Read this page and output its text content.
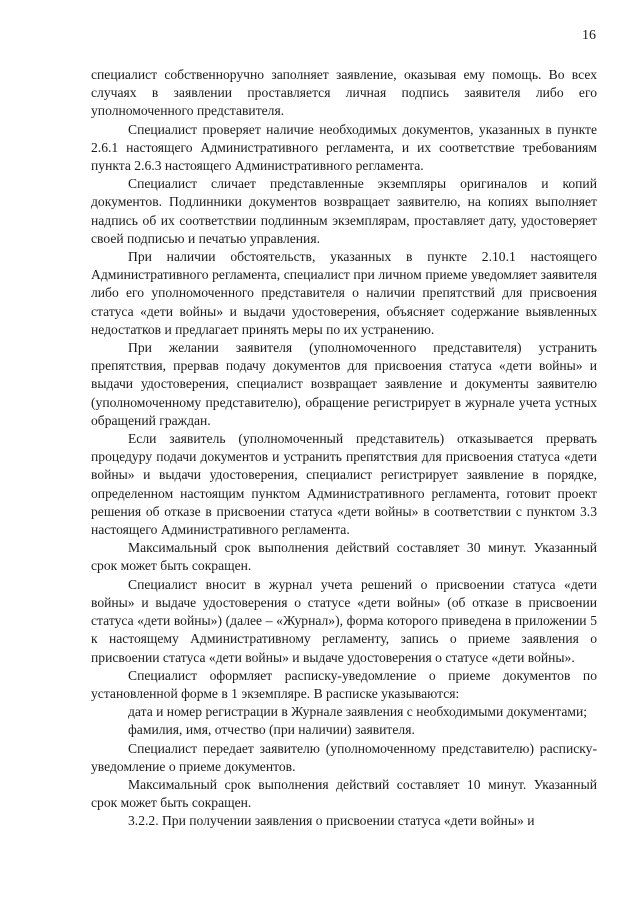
16

специалист собственноручно заполняет заявление, оказывая ему помощь. Во всех случаях в заявлении проставляется личная подпись заявителя либо его уполномоченного представителя.

Специалист проверяет наличие необходимых документов, указанных в пункте 2.6.1 настоящего Административного регламента, и их соответствие требованиям пункта 2.6.3 настоящего Административного регламента.

Специалист сличает представленные экземпляры оригиналов и копий документов. Подлинники документов возвращает заявителю, на копиях выполняет надпись об их соответствии подлинным экземплярам, проставляет дату, удостоверяет своей подписью и печатью управления.

При наличии обстоятельств, указанных в пункте 2.10.1 настоящего Административного регламента, специалист при личном приеме уведомляет заявителя либо его уполномоченного представителя о наличии препятствий для присвоения статуса «дети войны» и выдачи удостоверения, объясняет содержание выявленных недостатков и предлагает принять меры по их устранению.

При желании заявителя (уполномоченного представителя) устранить препятствия, прервав подачу документов для присвоения статуса «дети войны» и выдачи удостоверения, специалист возвращает заявление и документы заявителю (уполномоченному представителю), обращение регистрирует в журнале учета устных обращений граждан.

Если заявитель (уполномоченный представитель) отказывается прервать процедуру подачи документов и устранить препятствия для присвоения статуса «дети войны» и выдачи удостоверения, специалист регистрирует заявление в порядке, определенном настоящим пунктом Административного регламента, готовит проект решения об отказе в присвоении статуса «дети войны» в соответствии с пунктом 3.3 настоящего Административного регламента.

Максимальный срок выполнения действий составляет 30 минут. Указанный срок может быть сокращен.

Специалист вносит в журнал учета решений о присвоении статуса «дети войны» и выдаче удостоверения о статусе «дети войны» (об отказе в присвоении статуса «дети войны») (далее – «Журнал»), форма которого приведена в приложении 5 к настоящему Административному регламенту, запись о приеме заявления о присвоении статуса «дети войны» и выдаче удостоверения о статусе «дети войны».

Специалист оформляет расписку-уведомление о приеме документов по установленной форме в 1 экземпляре. В расписке указываются:

дата и номер регистрации в Журнале заявления с необходимыми документами;

фамилия, имя, отчество (при наличии) заявителя.

Специалист передает заявителю (уполномоченному представителю) расписку-уведомление о приеме документов.

Максимальный срок выполнения действий составляет 10 минут. Указанный срок может быть сокращен.

3.2.2. При получении заявления о присвоении статуса «дети войны» и
